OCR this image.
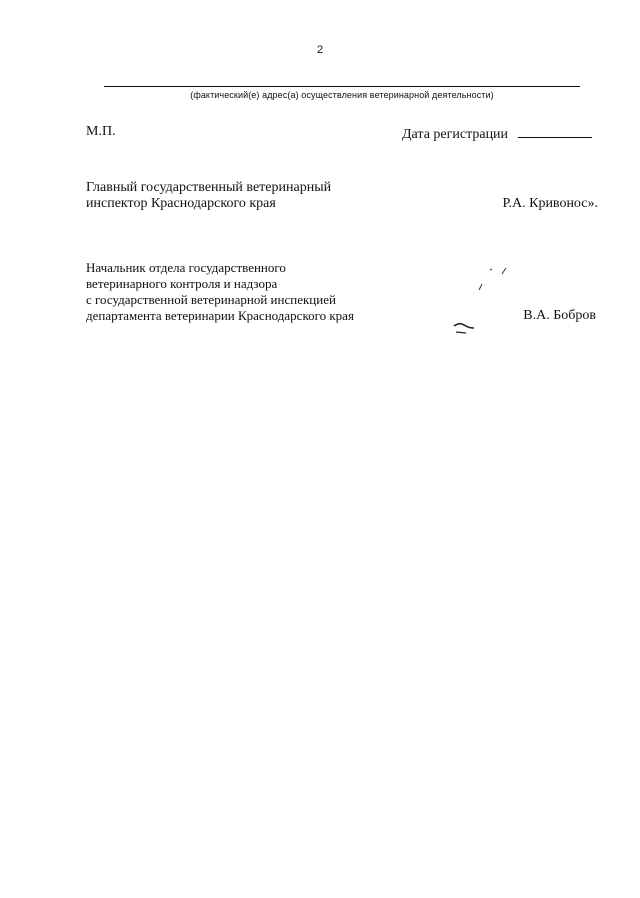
2
(фактический(е) адрес(а) осуществления ветеринарной деятельности)
М.П.	Дата регистрации
Главный государственный ветеринарный
инспектор Краснодарского края	Р.А. Кривонос».
Начальник отдела государственного
ветеринарного контроля и надзора
с государственной ветеринарной инспекцией
департамента ветеринарии Краснодарского края	В.А. Бобров
